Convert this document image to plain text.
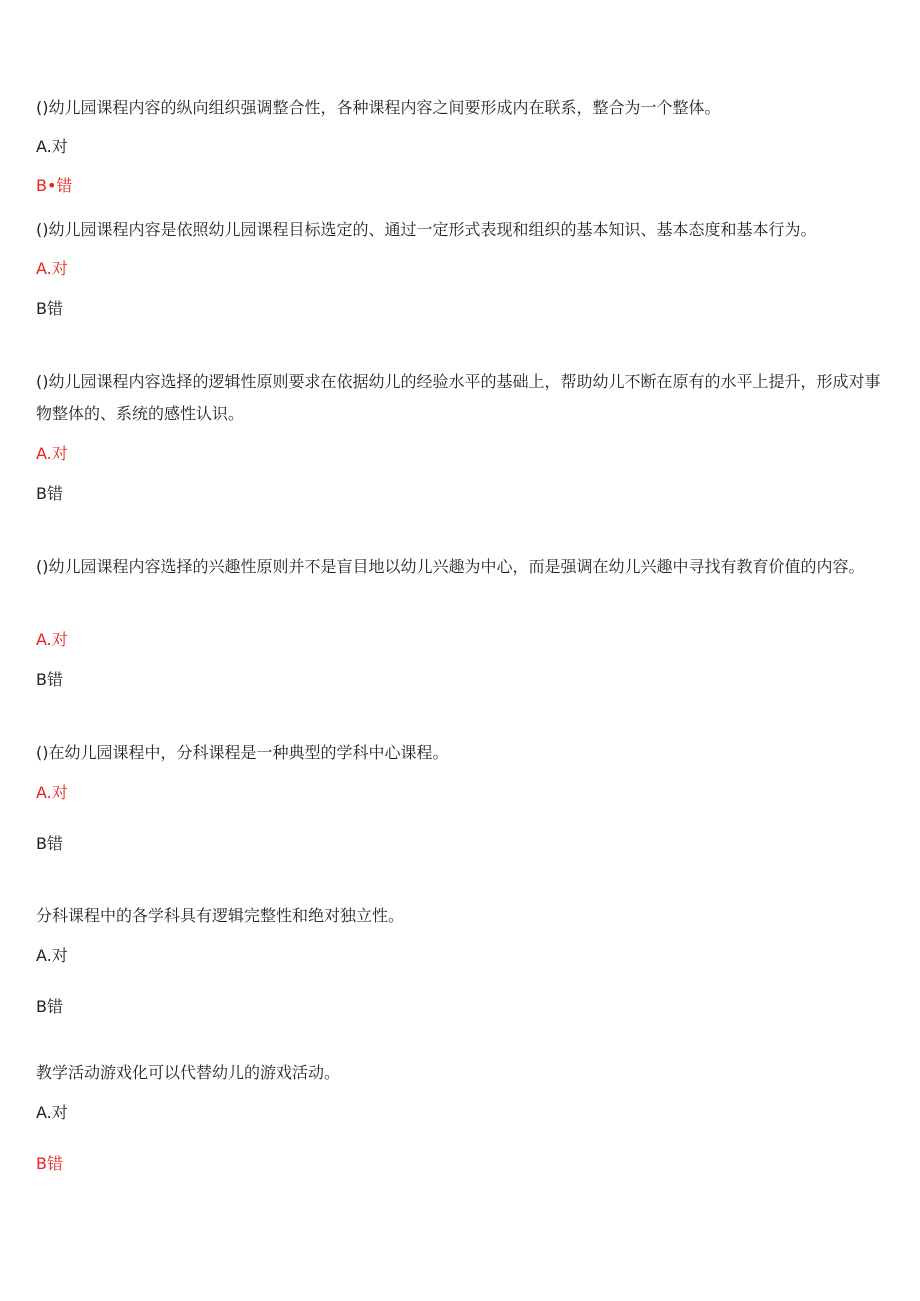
()幼儿园课程内容的纵向组织强调整合性，各种课程内容之间要形成内在联系，整合为一个整体。
A.对
B•错
()幼儿园课程内容是依照幼儿园课程目标选定的、通过一定形式表现和组织的基本知识、基本态度和基本行为。
A.对
B错
()幼儿园课程内容选择的逻辑性原则要求在依据幼儿的经验水平的基础上，帮助幼儿不断在原有的水平上提升，形成对事物整体的、系统的感性认识。
A.对
B错
()幼儿园课程内容选择的兴趣性原则并不是盲目地以幼儿兴趣为中心，而是强调在幼儿兴趣中寻找有教育价值的内容。
A.对
B错
()在幼儿园课程中，分科课程是一种典型的学科中心课程。
A.对
B错
分科课程中的各学科具有逻辑完整性和绝对独立性。
A.对
B错
教学活动游戏化可以代替幼儿的游戏活动。
A.对
B错
